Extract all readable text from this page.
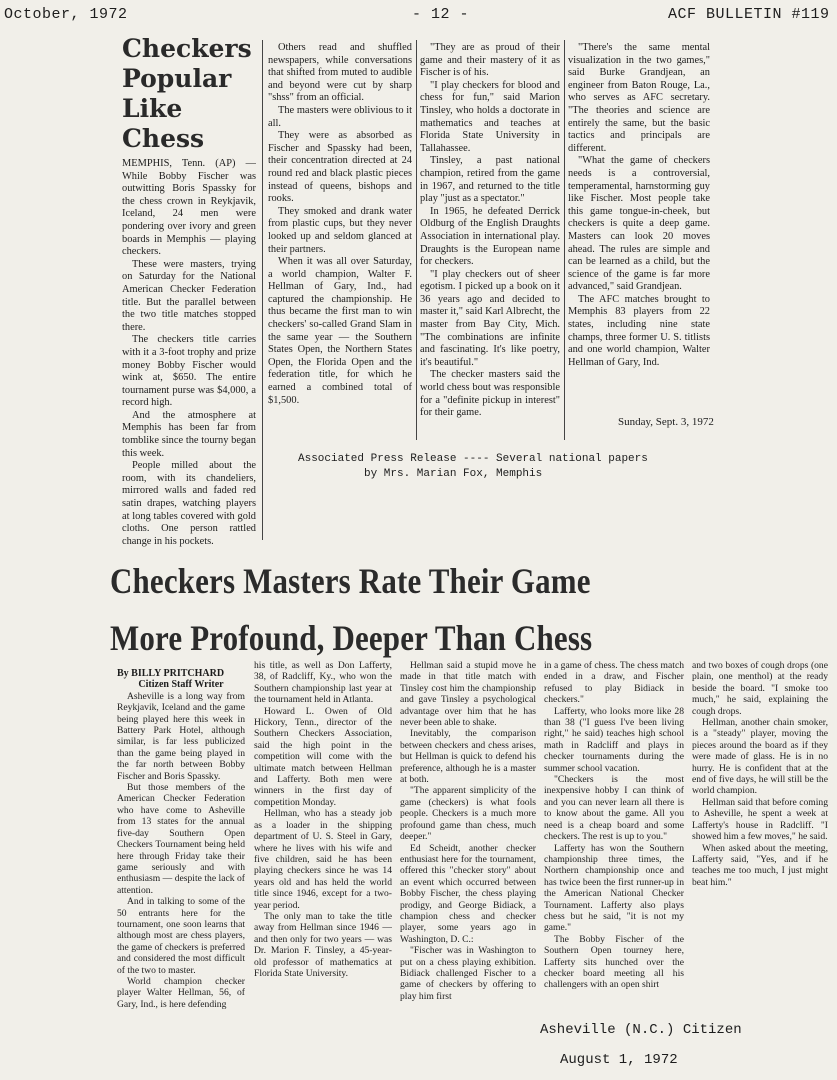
October, 1972	- 12 -	ACF BULLETIN #119
Checkers
Popular
Like Chess

MEMPHIS, Tenn. (AP) — While Bobby Fischer was outwitting Boris Spassky for the chess crown in Reykjavik, Iceland, 24 men were pondering over ivory and green boards in Memphis — playing checkers.

These were masters, trying on Saturday for the National American Checker Federation title. But the parallel between the two title matches stopped there.

The checkers title carries with it a 3-foot trophy and prize money Bobby Fischer would wink at, $650. The entire tournament purse was $4,000, a record high.

And the atmosphere at Memphis has been far from tomblike since the tourny began this week.

People milled about the room, with its chandeliers, mirrored walls and faded red satin drapes, watching players at long tables covered with gold cloths. One person rattled change in his pockets.

Others read and shuffled newspapers, while conversations that shifted from muted to audible and beyond were cut by sharp "shss" from an official.

The masters were oblivious to it all.

They were as absorbed as Fischer and Spassky had been, their concentration directed at 24 round red and black plastic pieces instead of queens, bishops and rooks.

They smoked and drank water from plastic cups, but they never looked up and seldom glanced at their partners.

When it was all over Saturday, a world champion, Walter F. Hellman of Gary, Ind., had captured the championship. He thus became the first man to win checkers' so-called Grand Slam in the same year — the Southern States Open, the Northern States Open, the Florida Open and the federation title, for which he earned a combined total of $1,500.

"They are as proud of their game and their mastery of it as Fischer is of his.

"I play checkers for blood and chess for fun," said Marion Tinsley, who holds a doctorate in mathematics and teaches at Florida State University in Tallahassee.

Tinsley, a past national champion, retired from the game in 1967, and returned to the title play "just as a spectator."

In 1965, he defeated Derrick Oldburg of the English Draughts Association in international play. Draughts is the European name for checkers.

"I play checkers out of sheer egotism. I picked up a book on it 36 years ago and decided to master it," said Karl Albrecht, the master from Bay City, Mich. "The combinations are infinite and fascinating. It's like poetry, it's beautiful."

The checker masters said the world chess bout was responsible for a "definite pickup in interest" for their game.

"There's the same mental visualization in the two games," said Burke Grandjean, an engineer from Baton Rouge, La., who serves as AFC secretary. "The theories and science are entirely the same, but the basic tactics and principals are different.

"What the game of checkers needs is a controversial, temperamental, harnstorming guy like Fischer. Most people take this game tongue-in-cheek, but checkers is quite a deep game. Masters can look 20 moves ahead. The rules are simple and can be learned as a child, but the science of the game is far more advanced," said Grandjean.

The AFC matches brought to Memphis 83 players from 22 states, including nine state champs, three former U. S. titlists and one world champion, Walter Hellman of Gary, Ind.

Sunday, Sept. 3, 1972
Associated Press Release ---- Several national papers
by Mrs. Marian Fox, Memphis
Checkers Masters Rate Their Game
More Profound, Deeper Than Chess

By BILLY PRITCHARD

Citizen Staff Writer

Asheville is a long way from Reykjavik, Iceland and the game being played here this week in Battery Park Hotel, although similar, is far less publicized than the game being played in the far north between Bobby Fischer and Boris Spassky.

But those members of the American Checker Federation who have come to Asheville from 13 states for the annual five-day Southern Open Checkers Tournament being held here through Friday take their game seriously and with enthusiasm — despite the lack of attention.

And in talking to some of the 50 entrants here for the tournament, one soon learns that although most are chess players, the game of checkers is preferred and considered the most difficult of the two to master.

World champion checker player Walter Hellman, 56, of Gary, Ind., is here defending

his title, as well as Don Lafferty, 38, of Radcliff, Ky., who won the Southern championship last year at the tournament held in Atlanta.

Howard L. Owen of Old Hickory, Tenn., director of the Southern Checkers Association, said the high point in the competition will come with the ultimate match between Hellman and Lafferty. Both men were winners in the first day of competition Monday.

Hellman, who has a steady job as a loader in the shipping department of U. S. Steel in Gary, where he lives with his wife and five children, said he has been playing checkers since he was 14 years old and has held the world title since 1946, except for a two-year period.

The only man to take the title away from Hellman since 1946 — and then only for two years — was Dr. Marion F. Tinsley, a 45-year-old professor of mathematics at Florida State University.

Hellman said a stupid move he made in that title match with Tinsley cost him the championship and gave Tinsley a psychological advantage over him that he has never been able to shake.

Inevitably, the comparison between checkers and chess arises, but Hellman is quick to defend his preference, although he is a master at both.

"The apparent simplicity of the game (checkers) is what fools people. Checkers is a much more profound game than chess, much deeper."

Ed Scheidt, another checker enthusiast here for the tournament, offered this "checker story" about an event which occurred between Bobby Fischer, the chess playing prodigy, and George Bidiack, a champion chess and checker player, some years ago in Washington, D. C.:

"Fischer was in Washington to put on a chess playing exhibition. Bidiack challenged Fischer to a game of checkers by offering to play him first

in a game of chess. The chess match ended in a draw, and Fischer refused to play Bidiack in checkers."

Lafferty, who looks more like 28 than 38 ("I guess I've been living right," he said) teaches high school math in Radcliff and plays in checker tournaments during the summer school vacation.

"Checkers is the most inexpensive hobby I can think of and you can never learn all there is to know about the game. All you need is a cheap board and some checkers. The rest is up to you."

Lafferty has won the Southern championship three times, the Northern championship once and has twice been the first runner-up in the American National Checker Tournament. Lafferty also plays chess but he said, "it is not my game."

The Bobby Fischer of the Southern Open tourney here, Lafferty sits hunched over the checker board meeting all his challengers with an open shirt

and two boxes of cough drops (one plain, one menthol) at the ready beside the board. "I smoke too much," he said, explaining the cough drops.

Hellman, another chain smoker, is a "steady" player, moving the pieces around the board as if they were made of glass. He is in no hurry. He is confident that at the end of five days, he will still be the world champion.

Hellman said that before coming to Asheville, he spent a week at Lafferty's house in Radcliff. "I showed him a few moves," he said.

When asked about the meeting, Lafferty said, "Yes, and if he teaches me too much, I just might beat him."

Asheville (N.C.) Citizen
August 1, 1972
